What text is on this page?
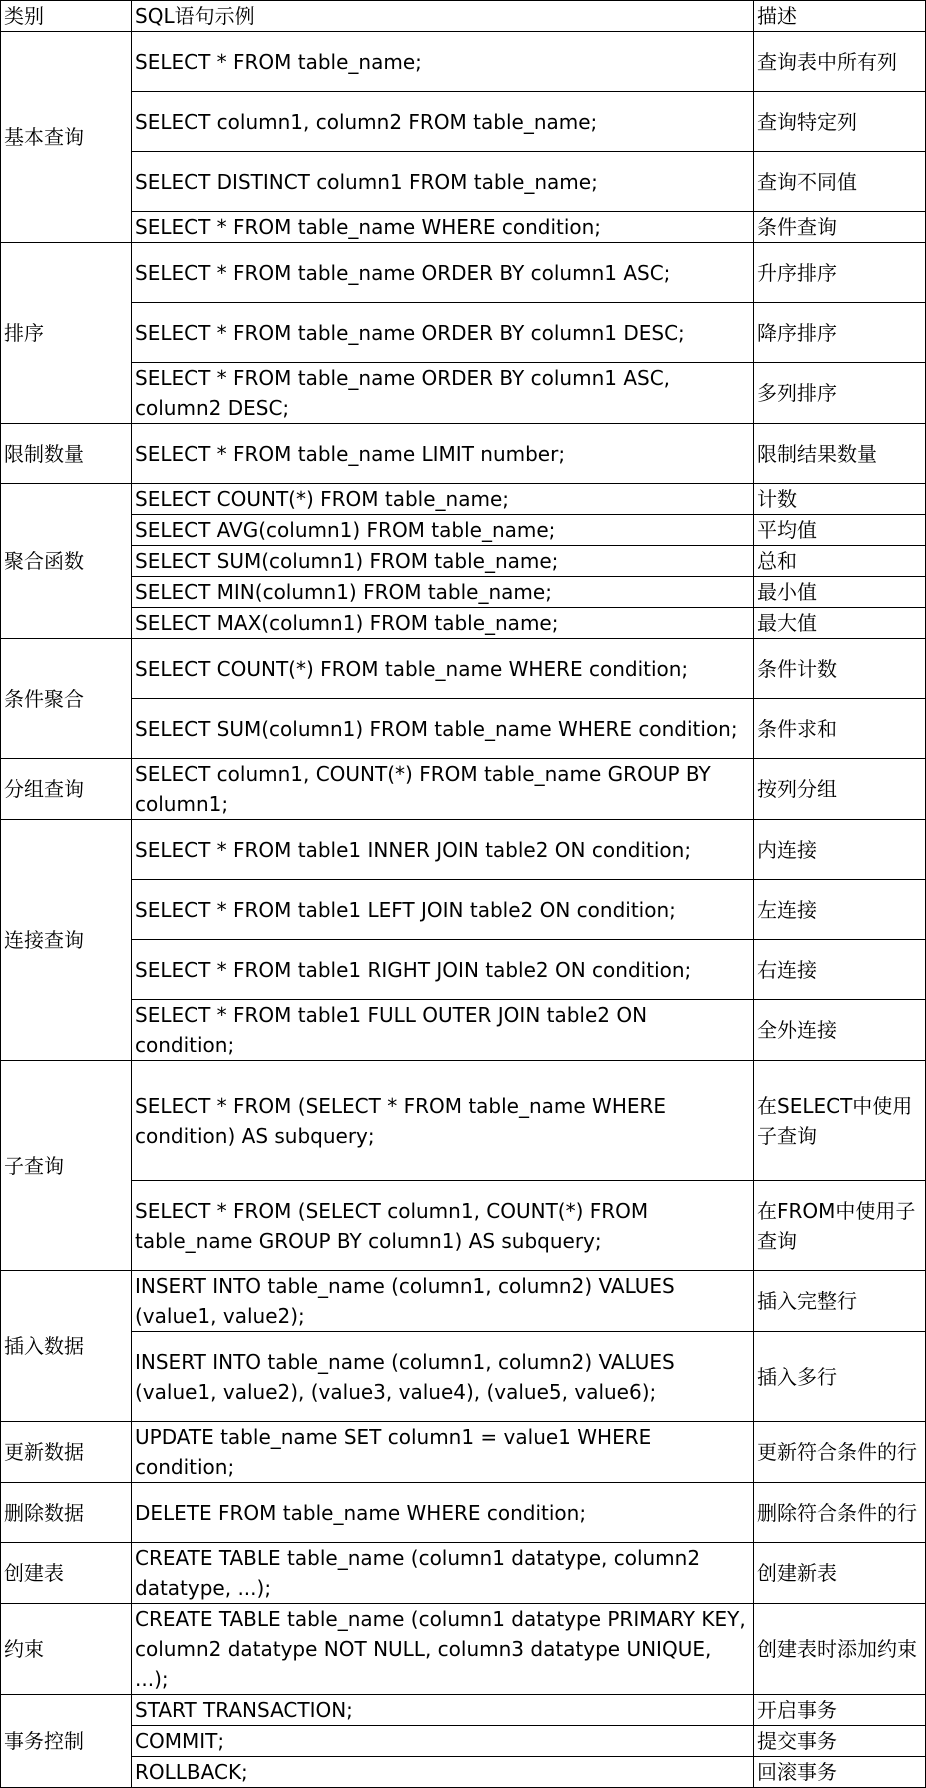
类别	SQL语句示例	描述
基本查询	SELECT * FROM table_name;	查询表中所有列
	SELECT column1, column2 FROM table_name;	查询特定列
	SELECT DISTINCT column1 FROM table_name;	查询不同值
	SELECT * FROM table_name WHERE condition;	条件查询
排序	SELECT * FROM table_name ORDER BY column1 ASC;	升序排序
	SELECT * FROM table_name ORDER BY column1 DESC;	降序排序
	SELECT * FROM table_name ORDER BY column1 ASC, column2 DESC;	多列排序
限制数量	SELECT * FROM table_name LIMIT number;	限制结果数量
聚合函数	SELECT COUNT(*) FROM table_name;	计数
	SELECT AVG(column1) FROM table_name;	平均值
	SELECT SUM(column1) FROM table_name;	总和
	SELECT MIN(column1) FROM table_name;	最小值
	SELECT MAX(column1) FROM table_name;	最大值
条件聚合	SELECT COUNT(*) FROM table_name WHERE condition;	条件计数
	SELECT SUM(column1) FROM table_name WHERE condition;	条件求和
分组查询	SELECT column1, COUNT(*) FROM table_name GROUP BY column1;	按列分组
连接查询	SELECT * FROM table1 INNER JOIN table2 ON condition;	内连接
	SELECT * FROM table1 LEFT JOIN table2 ON condition;	左连接
	SELECT * FROM table1 RIGHT JOIN table2 ON condition;	右连接
	SELECT * FROM table1 FULL OUTER JOIN table2 ON condition;	全外连接
子查询	SELECT * FROM (SELECT * FROM table_name WHERE condition) AS subquery;	在SELECT中使用子查询
	SELECT * FROM (SELECT column1, COUNT(*) FROM table_name GROUP BY column1) AS subquery;	在FROM中使用子查询
插入数据	INSERT INTO table_name (column1, column2) VALUES (value1, value2);	插入完整行
	INSERT INTO table_name (column1, column2) VALUES (value1, value2), (value3, value4), (value5, value6);	插入多行
更新数据	UPDATE table_name SET column1 = value1 WHERE condition;	更新符合条件的行
删除数据	DELETE FROM table_name WHERE condition;	删除符合条件的行
创建表	CREATE TABLE table_name (column1 datatype, column2 datatype, ...);	创建新表
约束	CREATE TABLE table_name (column1 datatype PRIMARY KEY, column2 datatype NOT NULL, column3 datatype UNIQUE, ...);	创建表时添加约束
事务控制	START TRANSACTION;	开启事务
	COMMIT;	提交事务
	ROLLBACK;	回滚事务
